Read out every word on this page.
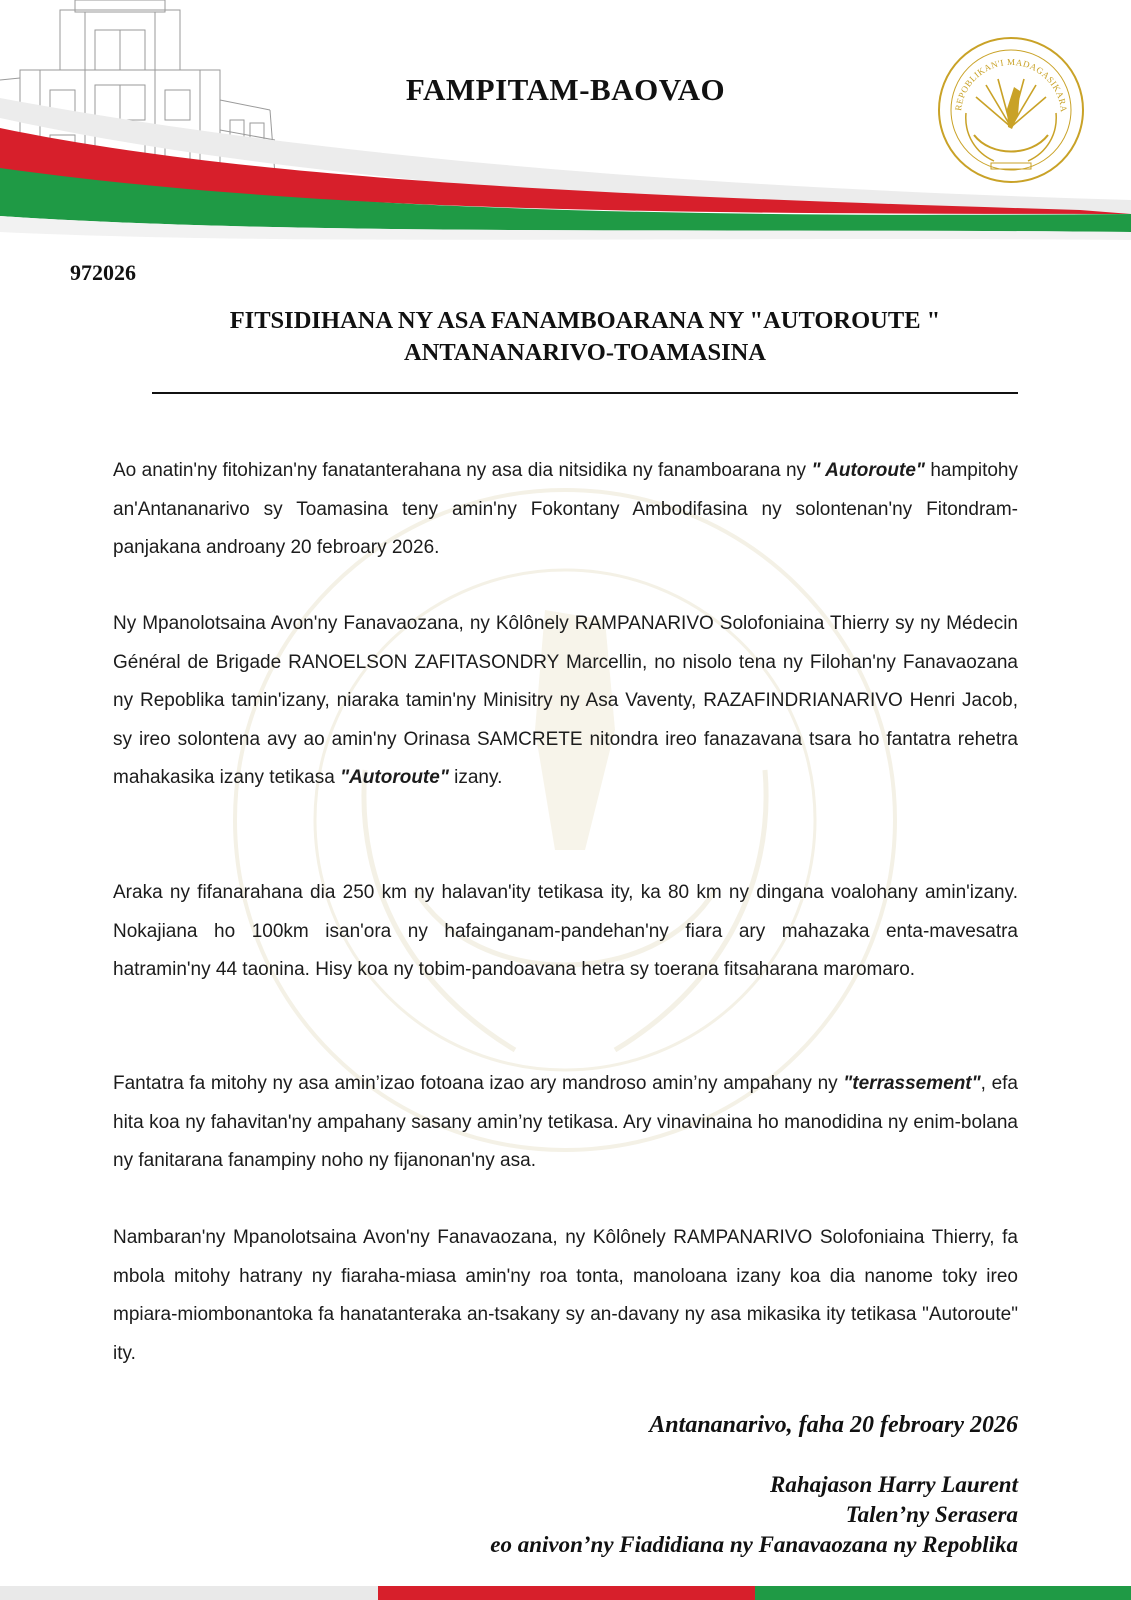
REPOBLIKAN'I MADAGASIKARA
FAMPITAM-BAOVAO
972026
FITSIDIHANA NY ASA FANAMBOARANA NY "AUTOROUTE "
ANTANANARIVO-TOAMASINA
Ao anatin'ny fitohizan'ny fanatanterahana ny asa dia nitsidika ny fanamboarana ny " Autoroute" hampitohy an'Antananarivo sy Toamasina teny amin'ny Fokontany Ambodifasina ny solontenan'ny Fitondram-panjakana androany 20 febroary 2026.
Ny Mpanolotsaina Avon'ny Fanavaozana, ny Kôlônely RAMPANARIVO Solofoniaina Thierry sy ny Médecin Général de Brigade RANOELSON ZAFITASONDRY Marcellin, no nisolo tena ny Filohan'ny Fanavaozana ny Repoblika tamin'izany, niaraka tamin'ny Minisitry ny Asa Vaventy, RAZAFINDRIANARIVO Henri Jacob, sy ireo solontena avy ao amin'ny Orinasa SAMCRETE nitondra ireo fanazavana tsara ho fantatra rehetra mahakasika izany tetikasa "Autoroute" izany.
Araka ny fifanarahana dia 250 km ny halavan'ity tetikasa ity, ka 80 km ny dingana voalohany amin'izany. Nokajiana ho 100km isan'ora ny hafainganam-pandehan'ny fiara ary mahazaka enta-mavesatra hatramin'ny 44 taonina. Hisy koa ny tobim-pandoavana hetra sy toerana fitsaharana maromaro.
Fantatra fa mitohy ny asa amin’izao fotoana izao ary mandroso amin’ny ampahany ny "terrassement", efa hita koa ny fahavitan'ny ampahany sasany amin’ny tetikasa. Ary vinavinaina ho manodidina ny enim-bolana ny fanitarana fanampiny noho ny fijanonan'ny asa.
Nambaran'ny Mpanolotsaina Avon'ny Fanavaozana, ny Kôlônely RAMPANARIVO Solofoniaina Thierry, fa mbola mitohy hatrany ny fiaraha-miasa amin'ny roa tonta, manoloana izany koa dia nanome toky ireo mpiara-miombonantoka fa hanatanteraka an-tsakany sy an-davany ny asa mikasika ity tetikasa "Autoroute" ity.
Antananarivo, faha 20 febroary 2026
Rahajason Harry Laurent
Talen’ny Serasera
eo anivon’ny Fiadidiana ny Fanavaozana ny Repoblika
